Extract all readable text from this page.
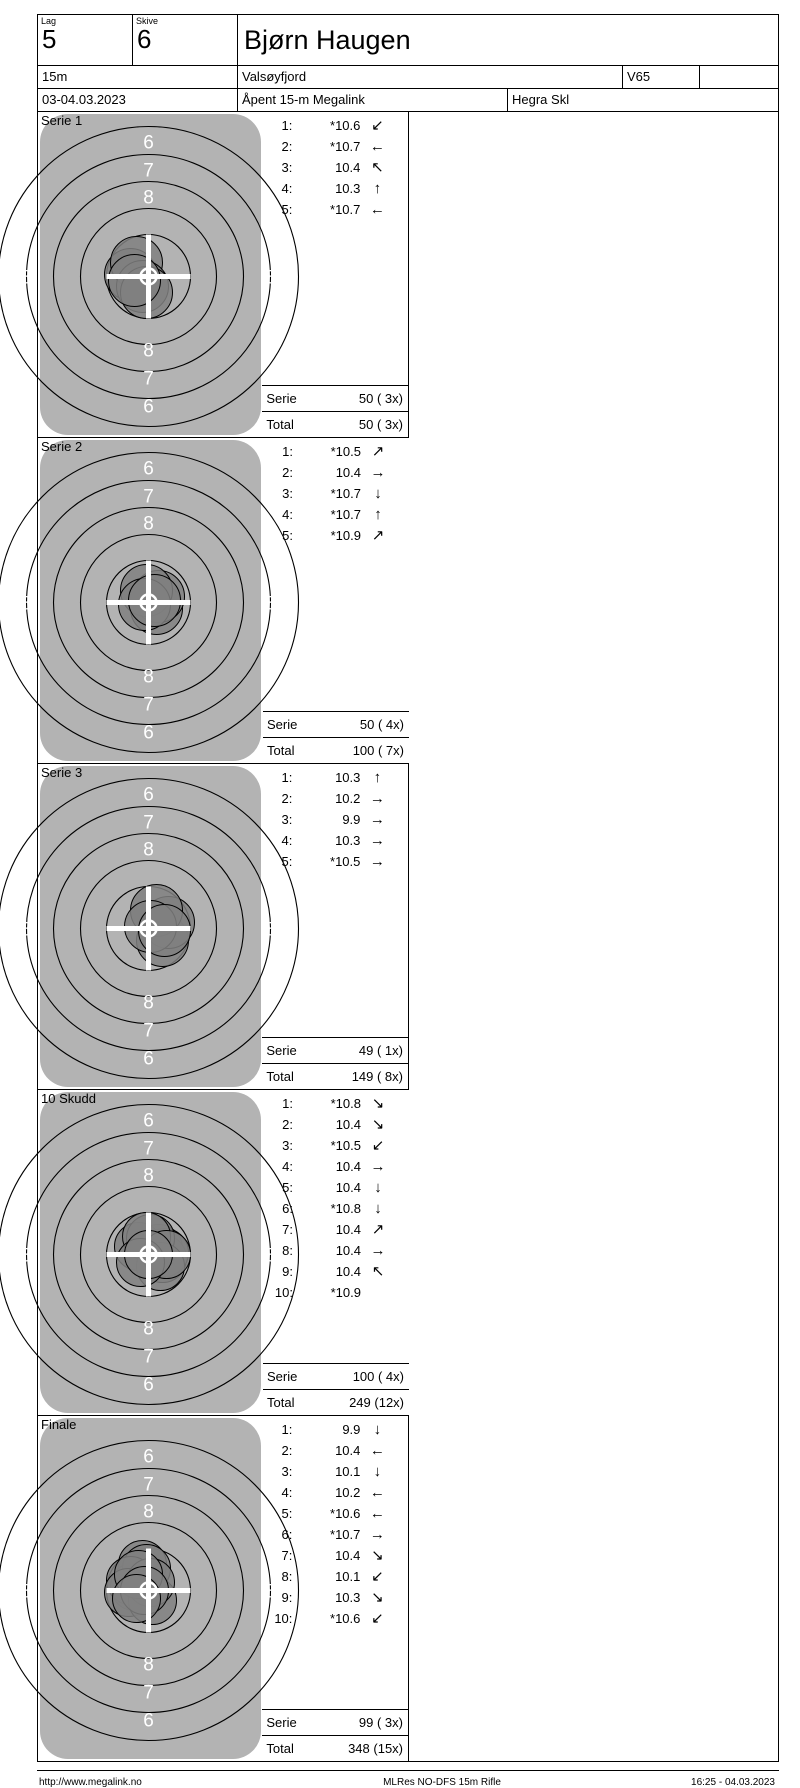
Lag
5
Skive
6	Bjørn Haugen
15m	Valsøyfjord	V65
03-04.03.2023	Åpent 15-m Megalink	Hegra Skl
6
7
8
8	8
8
7
6
Serie 1	1:	*10.6 ↙
2:	*10.7 ←
3:	10.4 ↖
4:	10.3 ↑
5:	*10.7 ←
Serie	50 ( 3x)
Total	50 ( 3x)
6
7
8
8	8
8
7
6
Serie 2	1:	*10.5 ↗
2:	10.4 →
3:	*10.7 ↓
4:	*10.7 ↑
5:	*10.9 ↗
Serie	50 ( 4x)
Total	100 ( 7x)
6
7
8
8	8
8
7
6
Serie 3	1:	10.3 ↑
2:	10.2 →
3:	9.9 →
4:	10.3 →
5:	*10.5 →
Serie	49 ( 1x)
Total	149 ( 8x)
6
7
8
8	8
8
7
6
10 Skudd	1:	*10.8 ↘
2:	10.4 ↘
3:	*10.5 ↙
4:	10.4 →
5:	10.4 ↓
6:	*10.8 ↓
7:	10.4 ↗
8:	10.4 →
9:	10.4 ↖
10:	*10.9
Serie	100 ( 4x)
Total	249 (12x)
6
7
8
8	8
8
7
6
Finale	1:	9.9 ↓
2:	10.4 ←
3:	10.1 ↓
4:	10.2 ←
5:	*10.6 ←
6:	*10.7 →
7:	10.4 ↘
8:	10.1 ↙
9:	10.3 ↘
10:	*10.6 ↙
Serie	99 ( 3x)
Total	348 (15x)
http://www.megalink.no	MLRes NO-DFS 15m Rifle	16:25 - 04.03.2023
